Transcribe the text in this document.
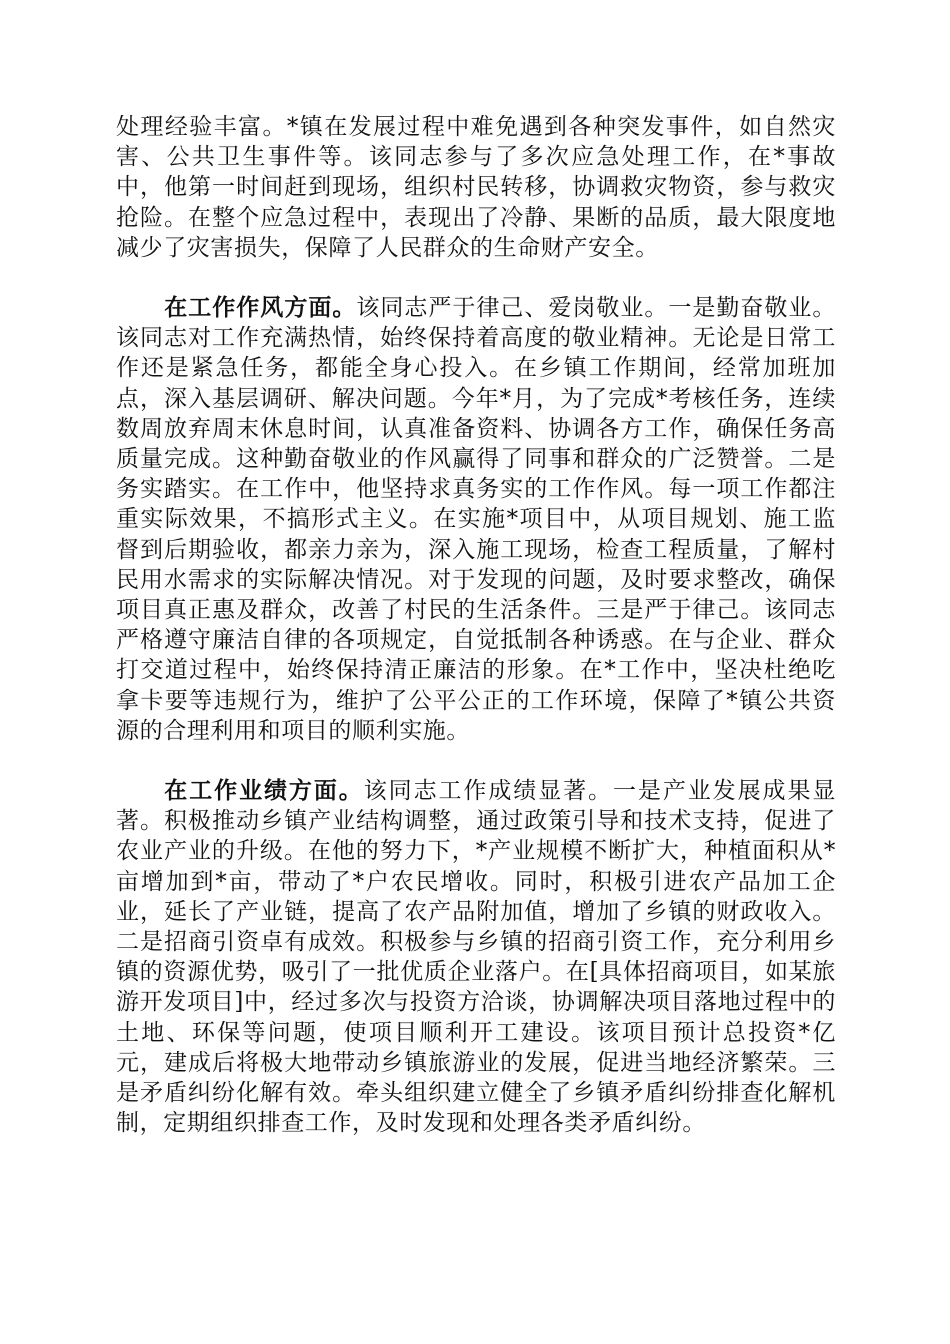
处理经验丰富。*镇在发展过程中难免遇到各种突发事件，如自然灾害、公共卫生事件等。该同志参与了多次应急处理工作，在*事故中，他第一时间赶到现场，组织村民转移，协调救灾物资，参与救灾抢险。在整个应急过程中，表现出了冷静、果断的品质，最大限度地减少了灾害损失，保障了人民群众的生命财产安全。

在工作作风方面。该同志严于律己、爱岗敬业。一是勤奋敬业。该同志对工作充满热情，始终保持着高度的敬业精神。无论是日常工作还是紧急任务，都能全身心投入。在乡镇工作期间，经常加班加点，深入基层调研、解决问题。今年*月，为了完成*考核任务，连续数周放弃周末休息时间，认真准备资料、协调各方工作，确保任务高质量完成。这种勤奋敬业的作风赢得了同事和群众的广泛赞誉。二是务实踏实。在工作中，他坚持求真务实的工作作风。每一项工作都注重实际效果，不搞形式主义。在实施*项目中，从项目规划、施工监督到后期验收，都亲力亲为，深入施工现场，检查工程质量，了解村民用水需求的实际解决情况。对于发现的问题，及时要求整改，确保项目真正惠及群众，改善了村民的生活条件。三是严于律己。该同志严格遵守廉洁自律的各项规定，自觉抵制各种诱惑。在与企业、群众打交道过程中，始终保持清正廉洁的形象。在*工作中，坚决杜绝吃拿卡要等违规行为，维护了公平公正的工作环境，保障了*镇公共资源的合理利用和项目的顺利实施。

在工作业绩方面。该同志工作成绩显著。一是产业发展成果显著。积极推动乡镇产业结构调整，通过政策引导和技术支持，促进了农业产业的升级。在他的努力下，*产业规模不断扩大，种植面积从*亩增加到*亩，带动了*户农民增收。同时，积极引进农产品加工企业，延长了产业链，提高了农产品附加值，增加了乡镇的财政收入。二是招商引资卓有成效。积极参与乡镇的招商引资工作，充分利用乡镇的资源优势，吸引了一批优质企业落户。在[具体招商项目，如某旅游开发项目]中，经过多次与投资方洽谈，协调解决项目落地过程中的土地、环保等问题，使项目顺利开工建设。该项目预计总投资*亿元，建成后将极大地带动乡镇旅游业的发展，促进当地经济繁荣。三是矛盾纠纷化解有效。牵头组织建立健全了乡镇矛盾纠纷排查化解机制，定期组织排查工作，及时发现和处理各类矛盾纠纷。
